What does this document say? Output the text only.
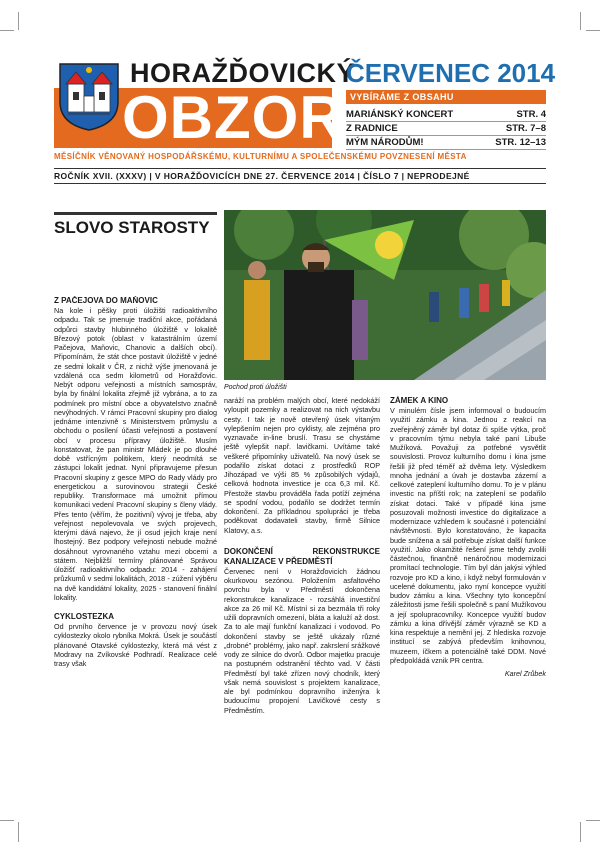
HORAŽĎOVICKÝ
OBZOR
ČERVENEC 2014
VYBÍRÁME Z OBSAHU
MARIÁNSKÝ KONCERT	STR. 4
Z RADNICE	STR. 7–8
MÝM NÁRODŮM!	STR. 12–13
MĚSÍČNÍK VĚNOVANÝ HOSPODÁŘSKÉMU, KULTURNÍMU A SPOLEČENSKÉMU POVZNESENÍ MĚSTA
ROČNÍK XVII. (XXXV) | V HORAŽĎOVICÍCH DNE 27. ČERVENCE 2014 | ČÍSLO 7 | NEPRODEJNÉ
SLOVO STAROSTY
Pochod proti úložišti

Z PAČEJOVA DO MAŇOVIC

Na kole i pěšky proti úložišti radioaktivního odpadu. Tak se jmenuje tradiční akce, pořádaná odpůrci stavby hlubinného úložiště v lokalitě Březový potok (oblast v katastrálním území Pačejova, Maňovic, Chanovic a dalších obcí). Připomínám, že stát chce postavit úložiště v jedné ze sedmi lokalit v ČR, z nichž výše jmenovaná je vzdálená cca sedm kilometrů od Horažďovic. Nebýt odporu veřejnosti a místních samospráv, byla by finální lokalita zřejmě již vybrána, a to za podmínek pro místní obce a obyvatelstvo značně nevýhodných. V rámci Pracovní skupiny pro dialog jednáme intenzivně s Ministerstvem průmyslu a obchodu o posílení účasti veřejnosti a postavení obcí v procesu přípravy úložiště. Musím konstatovat, že pan ministr Mládek je po dlouhé době vstřícným politikem, který neodmítá se zástupci lokalit jednat. Nyní připravujeme přesun Pracovní skupiny z gesce MPO do Rady vlády pro energetickou a surovinovou strategii České republiky. Transformace má umožnit přímou komunikaci vedení Pracovní skupiny s členy vlády. Přes tento (věřím, že pozitivní) vývoj je třeba, aby veřejnost nepolevovala ve svých projevech, kterými dává najevo, že jí osud jejich kraje není lhostejný. Bez podpory veřejnosti nebude možné dosáhnout vyrovnaného vztahu mezi obcemi a státem. Nejbližší termíny plánované Správou úložišť radioaktivního odpadu: 2014 - zahájení průzkumů v sedmi lokalitách, 2018 - zúžení výběru na dvě kandidátní lokality, 2025 - stanovení finální lokality.

CYKLOSTEZKA

Od prvního července je v provozu nový úsek cyklostezky okolo rybníka Mokrá. Úsek je součástí plánované Otavské cyklostezky, která má vést z Modravy na Zvíkovské Podhradí. Realizace celé trasy však

naráží na problém malých obcí, které nedokáží vyloupit pozemky a realizovat na nich výstavbu cesty. I tak je nově otevřený úsek vítaným vylepšením nejen pro cyklisty, ale zejména pro vyznavače in-line bruslí. Trasu se chystáme ještě vylepšit např. lavičkami. Uvítáme také veškeré připomínky uživatelů. Na nový úsek se podařilo získat dotaci z prostředků ROP Jihozápad ve výši 85 % způsobilých výdajů, celková hodnota investice je cca 6,3 mil. Kč. Přestože stavbu prováděla řada potíží zejména se spodní vodou, podařilo se dodržet termín dokončení. Za příkladnou spolupráci je třeba poděkovat dodavateli stavby, firmě Silnice Klatovy, a.s.

DOKONČENÍ REKONSTRUKCE KANALIZACE V PŘEDMĚSTÍ

Červenec není v Horažďovicích žádnou okurkovou sezónou. Položením asfaltového povrchu byla v Předměstí dokončena rekonstrukce kanalizace - rozsáhlá investiční akce za 26 mil Kč. Místní si za bezmála tři roky užili dopravních omezení, bláta a kaluží až dost. Za to ale mají funkční kanalizaci i vodovod. Po dokončení stavby se ještě ukázaly různé „drobné" problémy, jako např. zakrslení srážkové vody ze silnice do dvorů. Odbor majetku pracuje na postupném odstranění těchto vad. V části Předměstí byl také zřízen nový chodník, který však nemá souvislost s projektem kanalizace, ale byl podmínkou dopravního inženýra k budoucímu propojení Lavičkové cesty s Předměstím.

ZÁMEK A KINO

V minulém čísle jsem informoval o budoucím využití zámku a kina. Jednou z reakcí na zveřejněný záměr byl dotaz či spíše výtka, proč v pracovním týmu nebyla také paní Libuše Mužíková. Považuji za potřebné vysvětlit souvislosti. Provoz kulturního domu i kina jsme řešili již před téměř až dvěma lety. Výsledkem mnoha jednání a úvah je dostavba zázemí a celkové zateplení kulturního domu. To je v plánu investic na příští rok; na zateplení se podařilo získat dotaci. Také v případě kina jsme posuzovali možnosti investice do digitalizace a modernizace vzhledem k současné i potenciální návštěvnosti. Bylo konstatováno, že kapacita bude snížena a sál potřebuje získat další funkce využití. Jako okamžité řešení jsme tehdy zvolili částečnou, finančně nenáročnou modernizaci promítací technologie. Tím byl dán jakýsi výhled rozvoje pro KD a kino, i když nebyl formulován v ucelené dokumentu, jako nyní koncepce využití budov zámku a kina. Všechny tyto koncepční záležitosti jsme řešili společně s paní Mužíkovou a její spolupracovníky. Koncepce využití budov zámku a kina dřívější záměr výrazně se KD a kina respektuje a nemění jej. Z hlediska rozvoje institucí se zabývá především knihovnou, muzeem, íčkem a potenciálně také DDM. Nové předpokládá vznik PR centra.

Karel Zrůbek
